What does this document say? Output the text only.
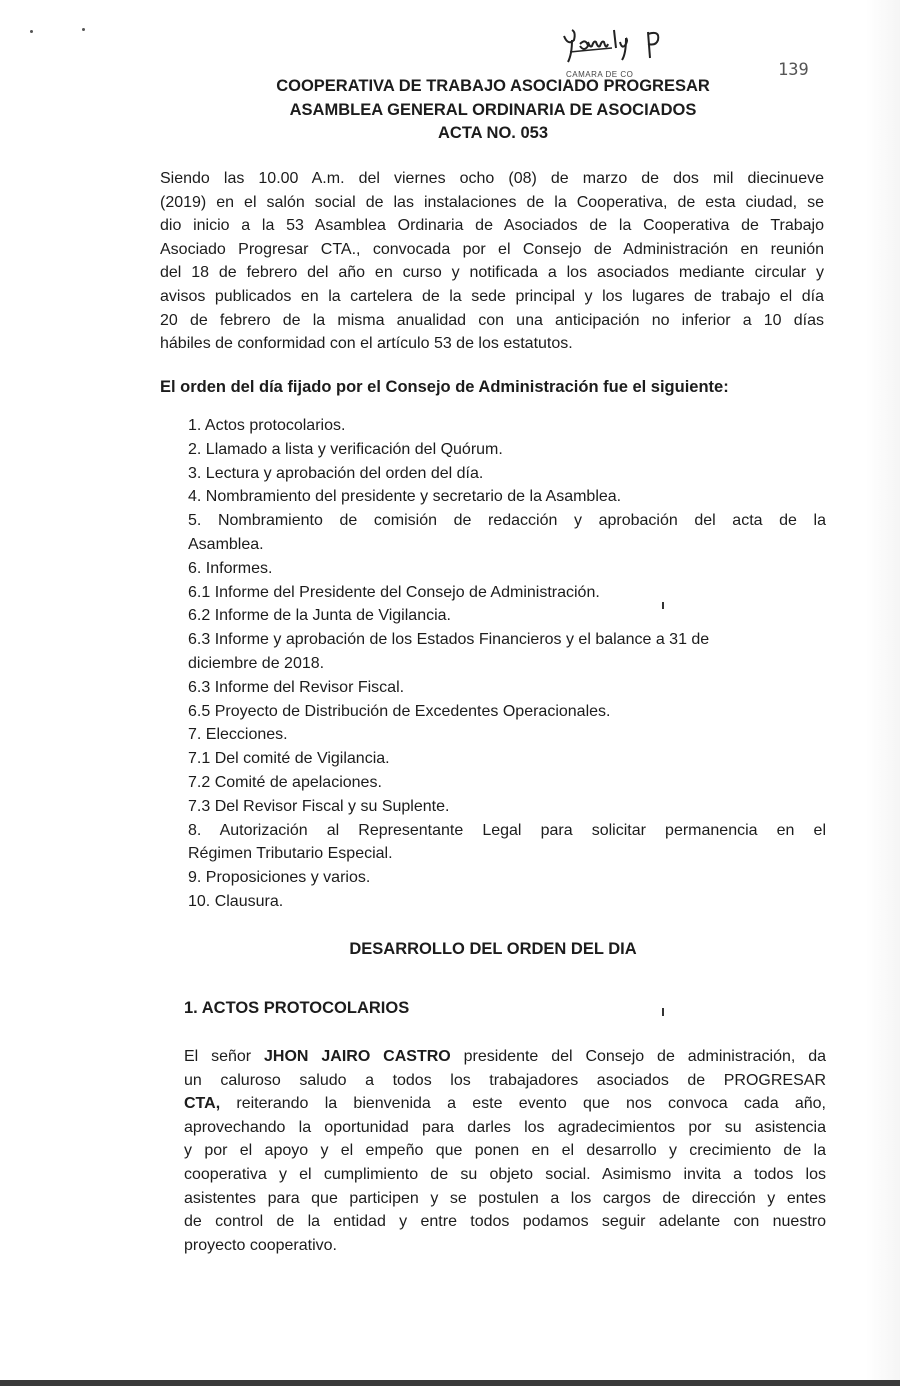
CAMARA DE CO	139
COOPERATIVA DE TRABAJO ASOCIADO PROGRESAR
ASAMBLEA GENERAL ORDINARIA DE ASOCIADOS
ACTA NO. 053
Siendo las 10.00 A.m. del viernes ocho (08) de marzo de dos mil diecinueve
(2019) en el salón social de las instalaciones de la Cooperativa, de esta ciudad, se
dio inicio a la 53 Asamblea Ordinaria de Asociados de la Cooperativa de Trabajo
Asociado Progresar CTA., convocada por el Consejo de Administración en reunión
del 18 de febrero del año en curso y notificada a los asociados mediante circular y
avisos publicados en la cartelera de la sede principal y los lugares de trabajo el día
20 de febrero de la misma anualidad con una anticipación no inferior a 10 días
hábiles de conformidad con el artículo 53 de los estatutos.
El orden del día fijado por el Consejo de Administración fue el siguiente:
1. Actos protocolarios.
2. Llamado a lista y verificación del Quórum.
3. Lectura y aprobación del orden del día.
4. Nombramiento del presidente y secretario de la Asamblea.
5. Nombramiento de comisión de redacción y aprobación del acta de la
Asamblea.
6. Informes.
6.1 Informe del Presidente del Consejo de Administración.
6.2 Informe de la Junta de Vigilancia.
6.3 Informe y aprobación de los Estados Financieros y el balance a 31 de
diciembre de 2018.
6.3 Informe del Revisor Fiscal.
6.5 Proyecto de Distribución de Excedentes Operacionales.
7. Elecciones.
7.1 Del comité de Vigilancia.
7.2 Comité de apelaciones.
7.3 Del Revisor Fiscal y su Suplente.
8. Autorización al Representante Legal para solicitar permanencia en el
Régimen Tributario Especial.
9. Proposiciones y varios.
10. Clausura.
DESARROLLO DEL ORDEN DEL DIA
1. ACTOS PROTOCOLARIOS
El señor JHON JAIRO CASTRO presidente del Consejo de administración, da
un caluroso saludo a todos los trabajadores asociados de PROGRESAR
CTA, reiterando la bienvenida a este evento que nos convoca cada año,
aprovechando la oportunidad para darles los agradecimientos por su asistencia
y por el apoyo y el empeño que ponen en el desarrollo y crecimiento de la
cooperativa y el cumplimiento de su objeto social. Asimismo invita a todos los
asistentes para que participen y se postulen a los cargos de dirección y entes
de control de la entidad y entre todos podamos seguir adelante con nuestro
proyecto cooperativo.
